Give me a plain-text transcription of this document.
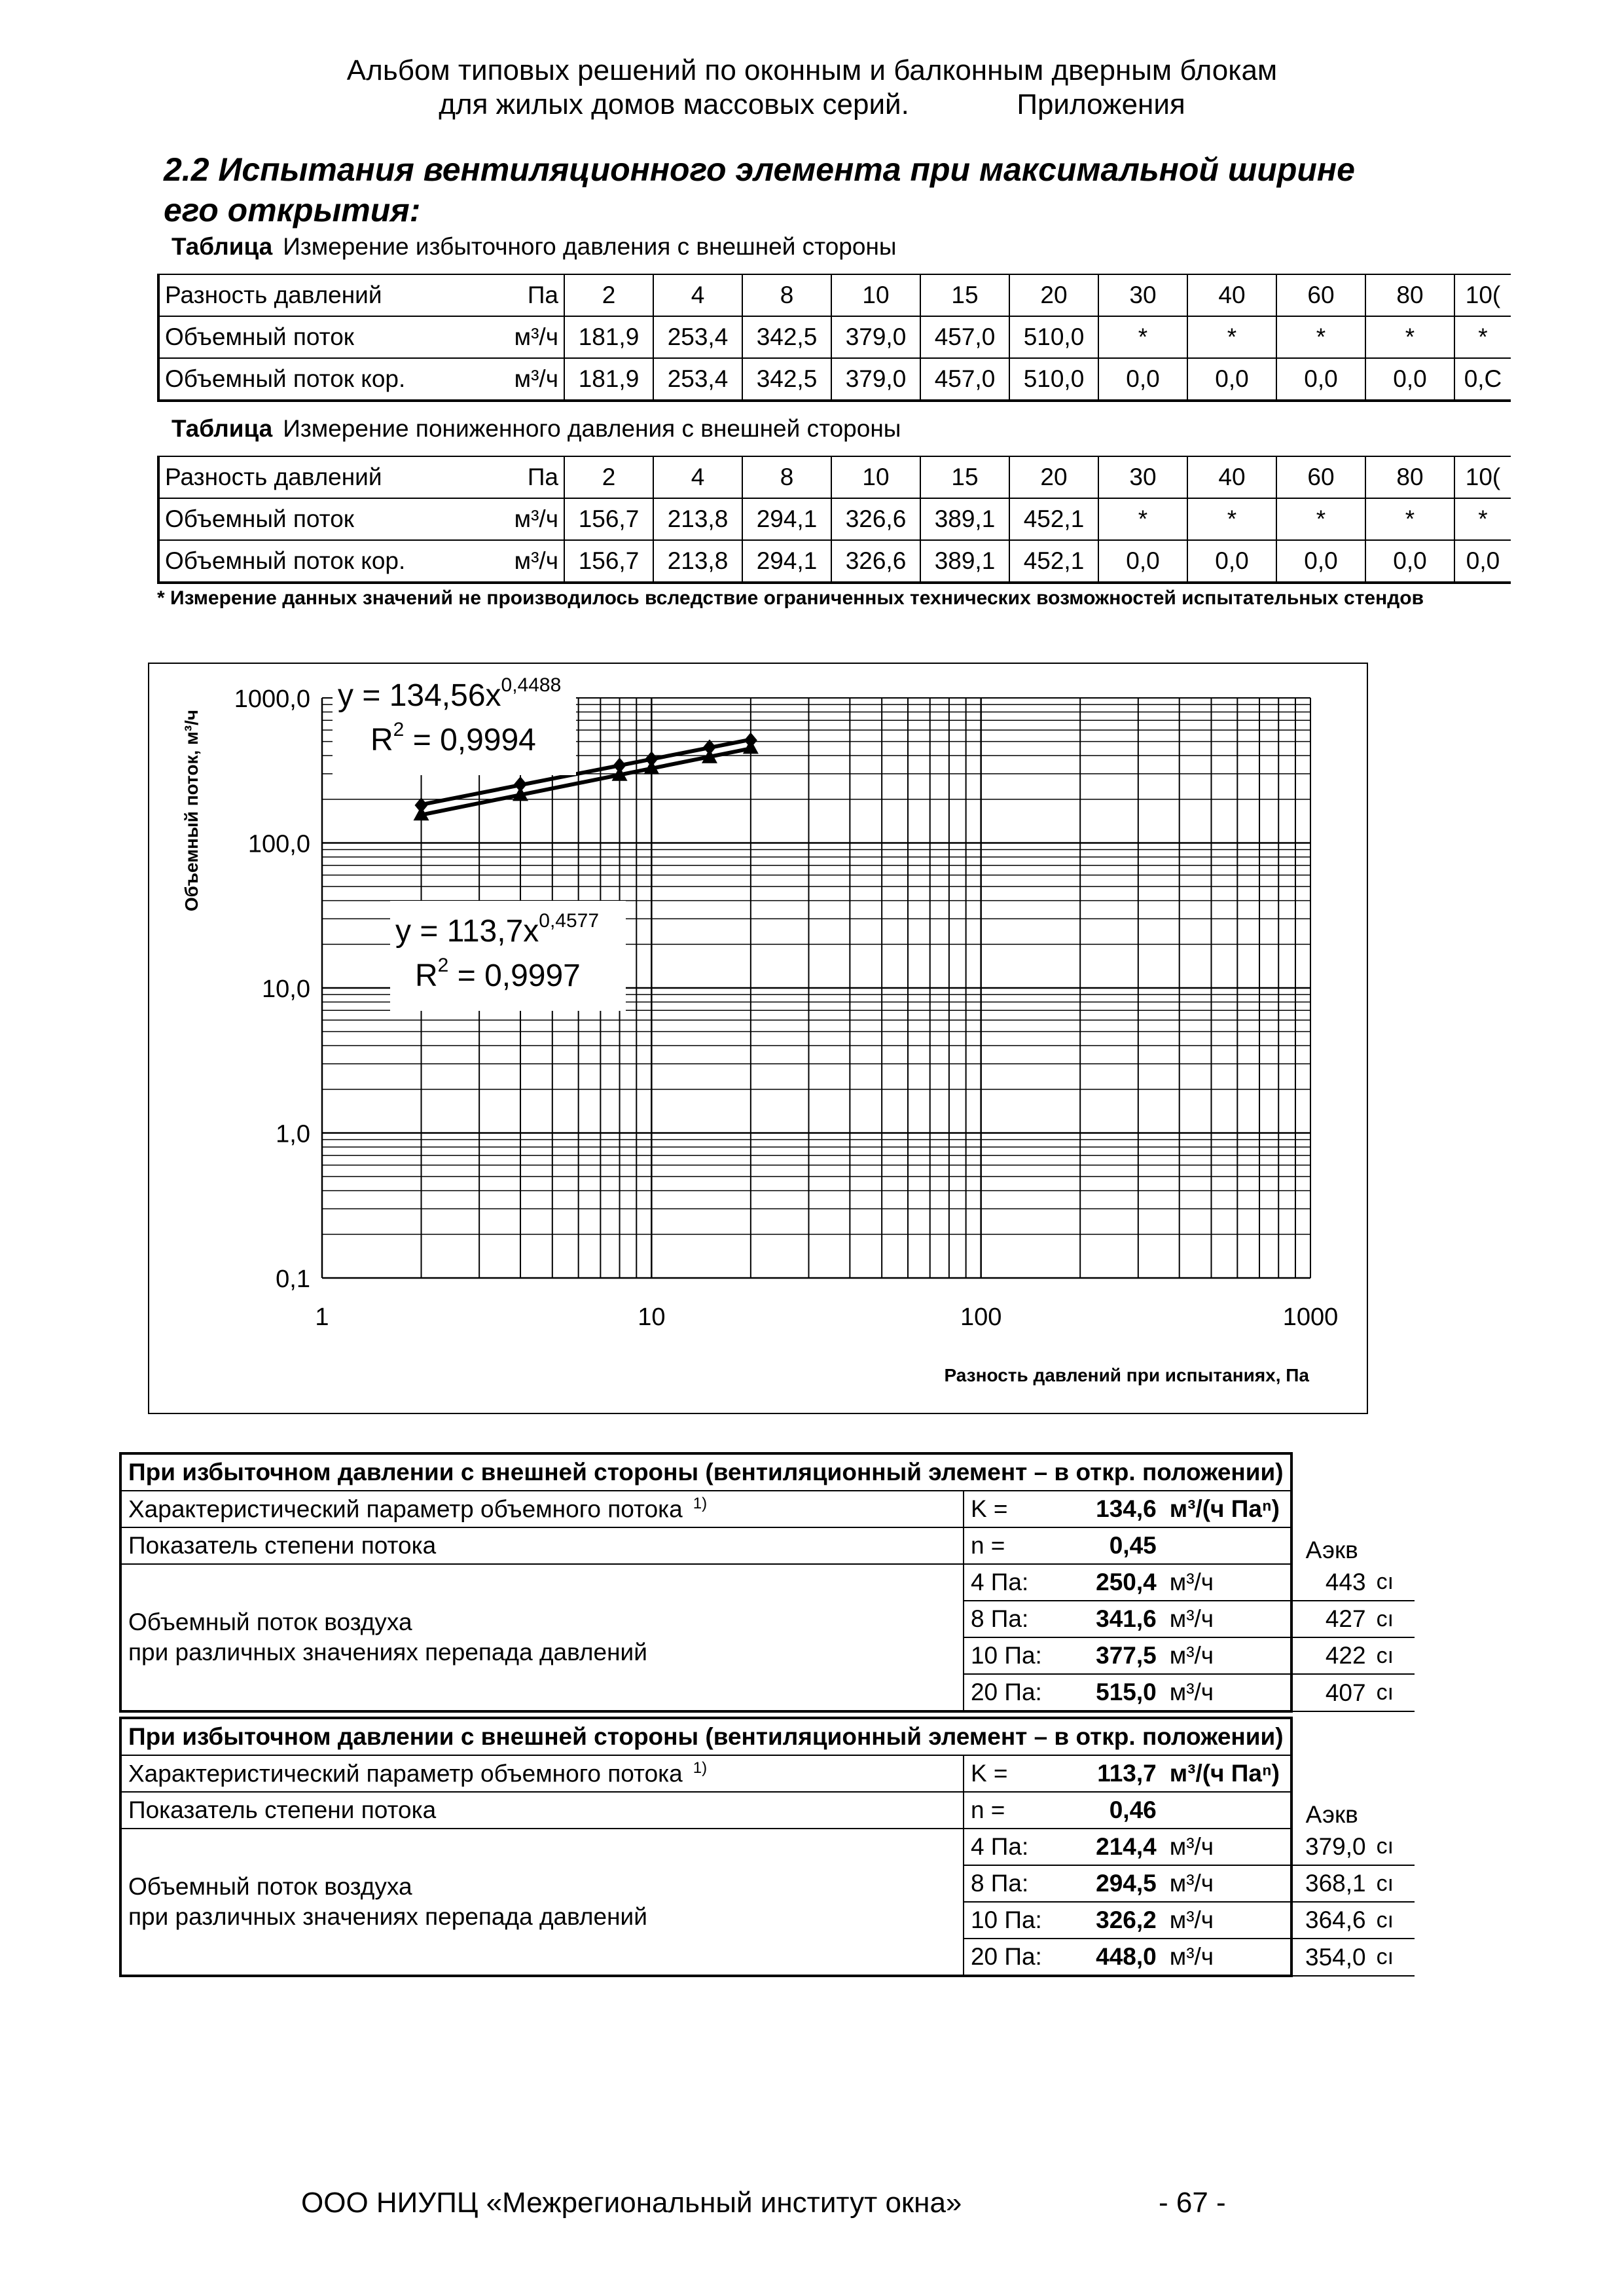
Альбом типовых решений по оконным и балконным дверным блокам
для жилых домов массовых серий.	Приложения
2.2 Испытания вентиляционного элемента при максимальной ширине его открытия:
Таблица Измерение избыточного давления с внешней стороны
Разность давлений	Па	2	4	8	10	15	20	30	40	60	80	10(
Объемный поток	м³/ч	181,9	253,4	342,5	379,0	457,0	510,0	*	*	*	*	*
Объемный поток кор.	м³/ч	181,9	253,4	342,5	379,0	457,0	510,0	0,0	0,0	0,0	0,0	0,С
Таблица Измерение пониженного давления с внешней стороны
Разность давлений	Па	2	4	8	10	15	20	30	40	60	80	10(
Объемный поток	м³/ч	156,7	213,8	294,1	326,6	389,1	452,1	*	*	*	*	*
Объемный поток кор.	м³/ч	156,7	213,8	294,1	326,6	389,1	452,1	0,0	0,0	0,0	0,0	0,0
* Измерение данных значений не производилось вследствие ограниченных технических возможностей испытательных стендов
1	10	100	1000
1000,0
100,0
10,0
1,0
0,1
Разность давлений при испытаниях, Па
Объемный поток, м³/ч
$y = 134,56x^{0,4488}$
$R^2 = 0,9994$
$y = 113,7x^{0,4577}$
$R^2 = 0,9997$
При избыточном давлении с внешней стороны (вентиляционный элемент – в откр. положении)					
Характеристический параметр объемного потока $^{1)}$	K =	134,6	м³/(ч Паⁿ)		
Показатель степени потока	n =	0,45		Аэкв	

Объемный поток воздуха
при различных значениях перепада давлений	4 Па:	250,4	м³/ч	443	сı
	8 Па:	341,6	м³/ч	427	сı
	10 Па:	377,5	м³/ч	422	сı
	20 Па:	515,0	м³/ч	407	сı
При избыточном давлении с внешней стороны (вентиляционный элемент – в откр. положении)					
Характеристический параметр объемного потока $^{1)}$	K =	113,7	м³/(ч Паⁿ)		
Показатель степени потока	n =	0,46		Аэкв	

Объемный поток воздуха
при различных значениях перепада давлений	4 Па:	214,4	м³/ч	379,0	сı
	8 Па:	294,5	м³/ч	368,1	сı
	10 Па:	326,2	м³/ч	364,6	сı
	20 Па:	448,0	м³/ч	354,0	сı
ООО НИУПЦ «Межрегиональный институт окна»	- 67 -
